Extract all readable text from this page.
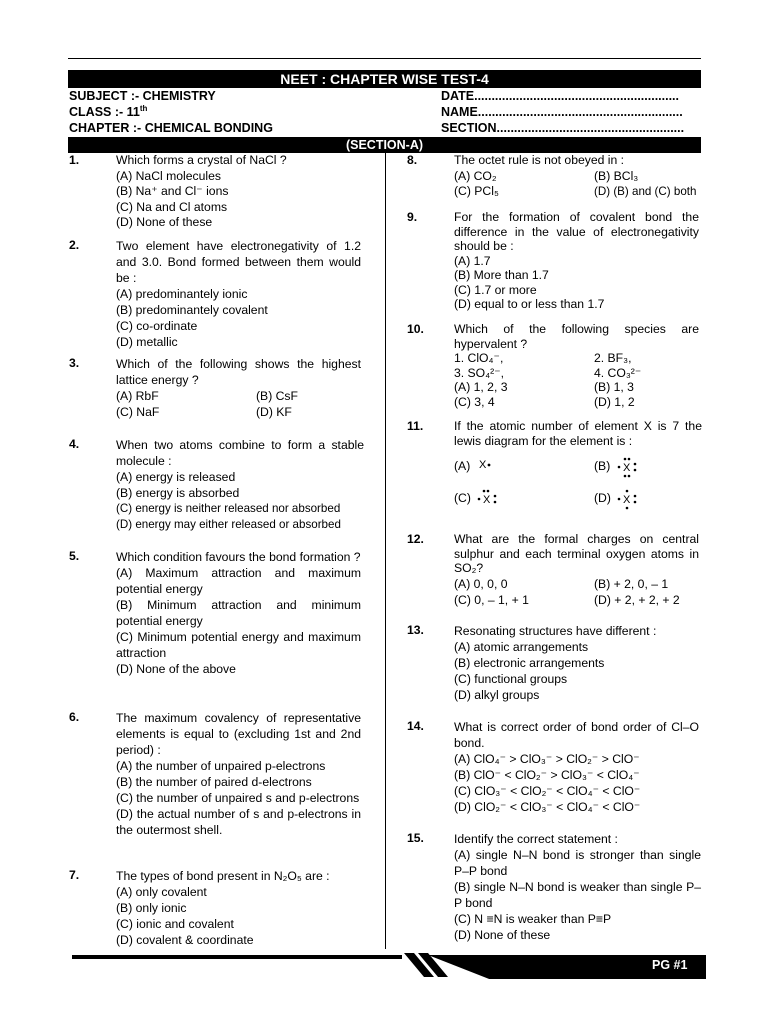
NEET : CHAPTER WISE TEST-4
SUBJECT :- CHEMISTRY
CLASS :- 11th
CHAPTER :- CHEMICAL BONDING
DATE...........................................................
NAME...........................................................
SECTION......................................................
(SECTION-A)
1.	Which forms a crystal of NaCl ?
(A) NaCl molecules
(B) Na⁺ and Cl⁻ ions
(C) Na and Cl atoms
(D) None of these
2.	Two element have electronegativity of 1.2 and 3.0. Bond formed between them would be :
(A) predominantely ionic
(B) predominantely covalent
(C) co-ordinate
(D) metallic
3.	Which of the following shows the highest lattice energy ?
(A) RbF	(B) CsF
(C) NaF	(D) KF
4.	When two atoms combine to form a stable molecule :
(A) energy is released
(B) energy is absorbed
(C) energy is neither released nor absorbed
(D) energy may either released or absorbed
5.	Which condition favours the bond formation ?
(A) Maximum attraction and maximum potential energy
(B) Minimum attraction and minimum potential energy
(C) Minimum potential energy and maximum attraction
(D) None of the above
6.	The maximum covalency of representative elements is equal to (excluding 1st and 2nd period) :
(A) the number of unpaired p-electrons
(B) the number of paired d-electrons
(C) the number of unpaired s and p-electrons
(D) the actual number of s and p-electrons in the outermost shell.
7.	The types of bond present in N₂O₅ are :
(A) only covalent
(B) only ionic
(C) ionic and covalent
(D) covalent & coordinate
8.	The octet rule is not obeyed in :
(A) CO₂	(B) BCl₃
(C) PCl₅	(D) (B) and (C) both
9.	For the formation of covalent bond the difference in the value of electronegativity should be :
(A) 1.7
(B) More than 1.7
(C) 1.7 or more
(D) equal to or less than 1.7
10. Which of the following species are hypervalent ?
1. ClO₄⁻,	2. BF₃,
3. SO₄²⁻,	4. CO₃²⁻
(A) 1, 2, 3	(B) 1, 3
(C) 3, 4	(D) 1, 2
11.	If the atomic number of element X is 7 the lewis diagram for the element is :
(A) X	(B) X
(C) X	(D) X
12. What are the formal charges on central sulphur and each terminal oxygen atoms in SO₂?
(A) 0, 0, 0	(B) + 2, 0, – 1
(C) 0, – 1, + 1	(D) + 2, + 2, + 2
13. Resonating structures have different :
(A) atomic arrangements
(B) electronic arrangements
(C) functional groups
(D) alkyl groups
14. What is correct order of bond order of Cl–O bond.
(A) ClO₄⁻ > ClO₃⁻ > ClO₂⁻ > ClO⁻
(B) ClO⁻ < ClO₂⁻ > ClO₃⁻ < ClO₄⁻
(C) ClO₃⁻ < ClO₂⁻ < ClO₄⁻ < ClO⁻
(D) ClO₂⁻ < ClO₃⁻ < ClO₄⁻ < ClO⁻
15. Identify the correct statement :
(A) single N–N bond is stronger than single P–P bond
(B) single N–N bond is weaker than single P–P bond
(C) N ≡N is weaker than P≡P
(D) None of these
PG #1
